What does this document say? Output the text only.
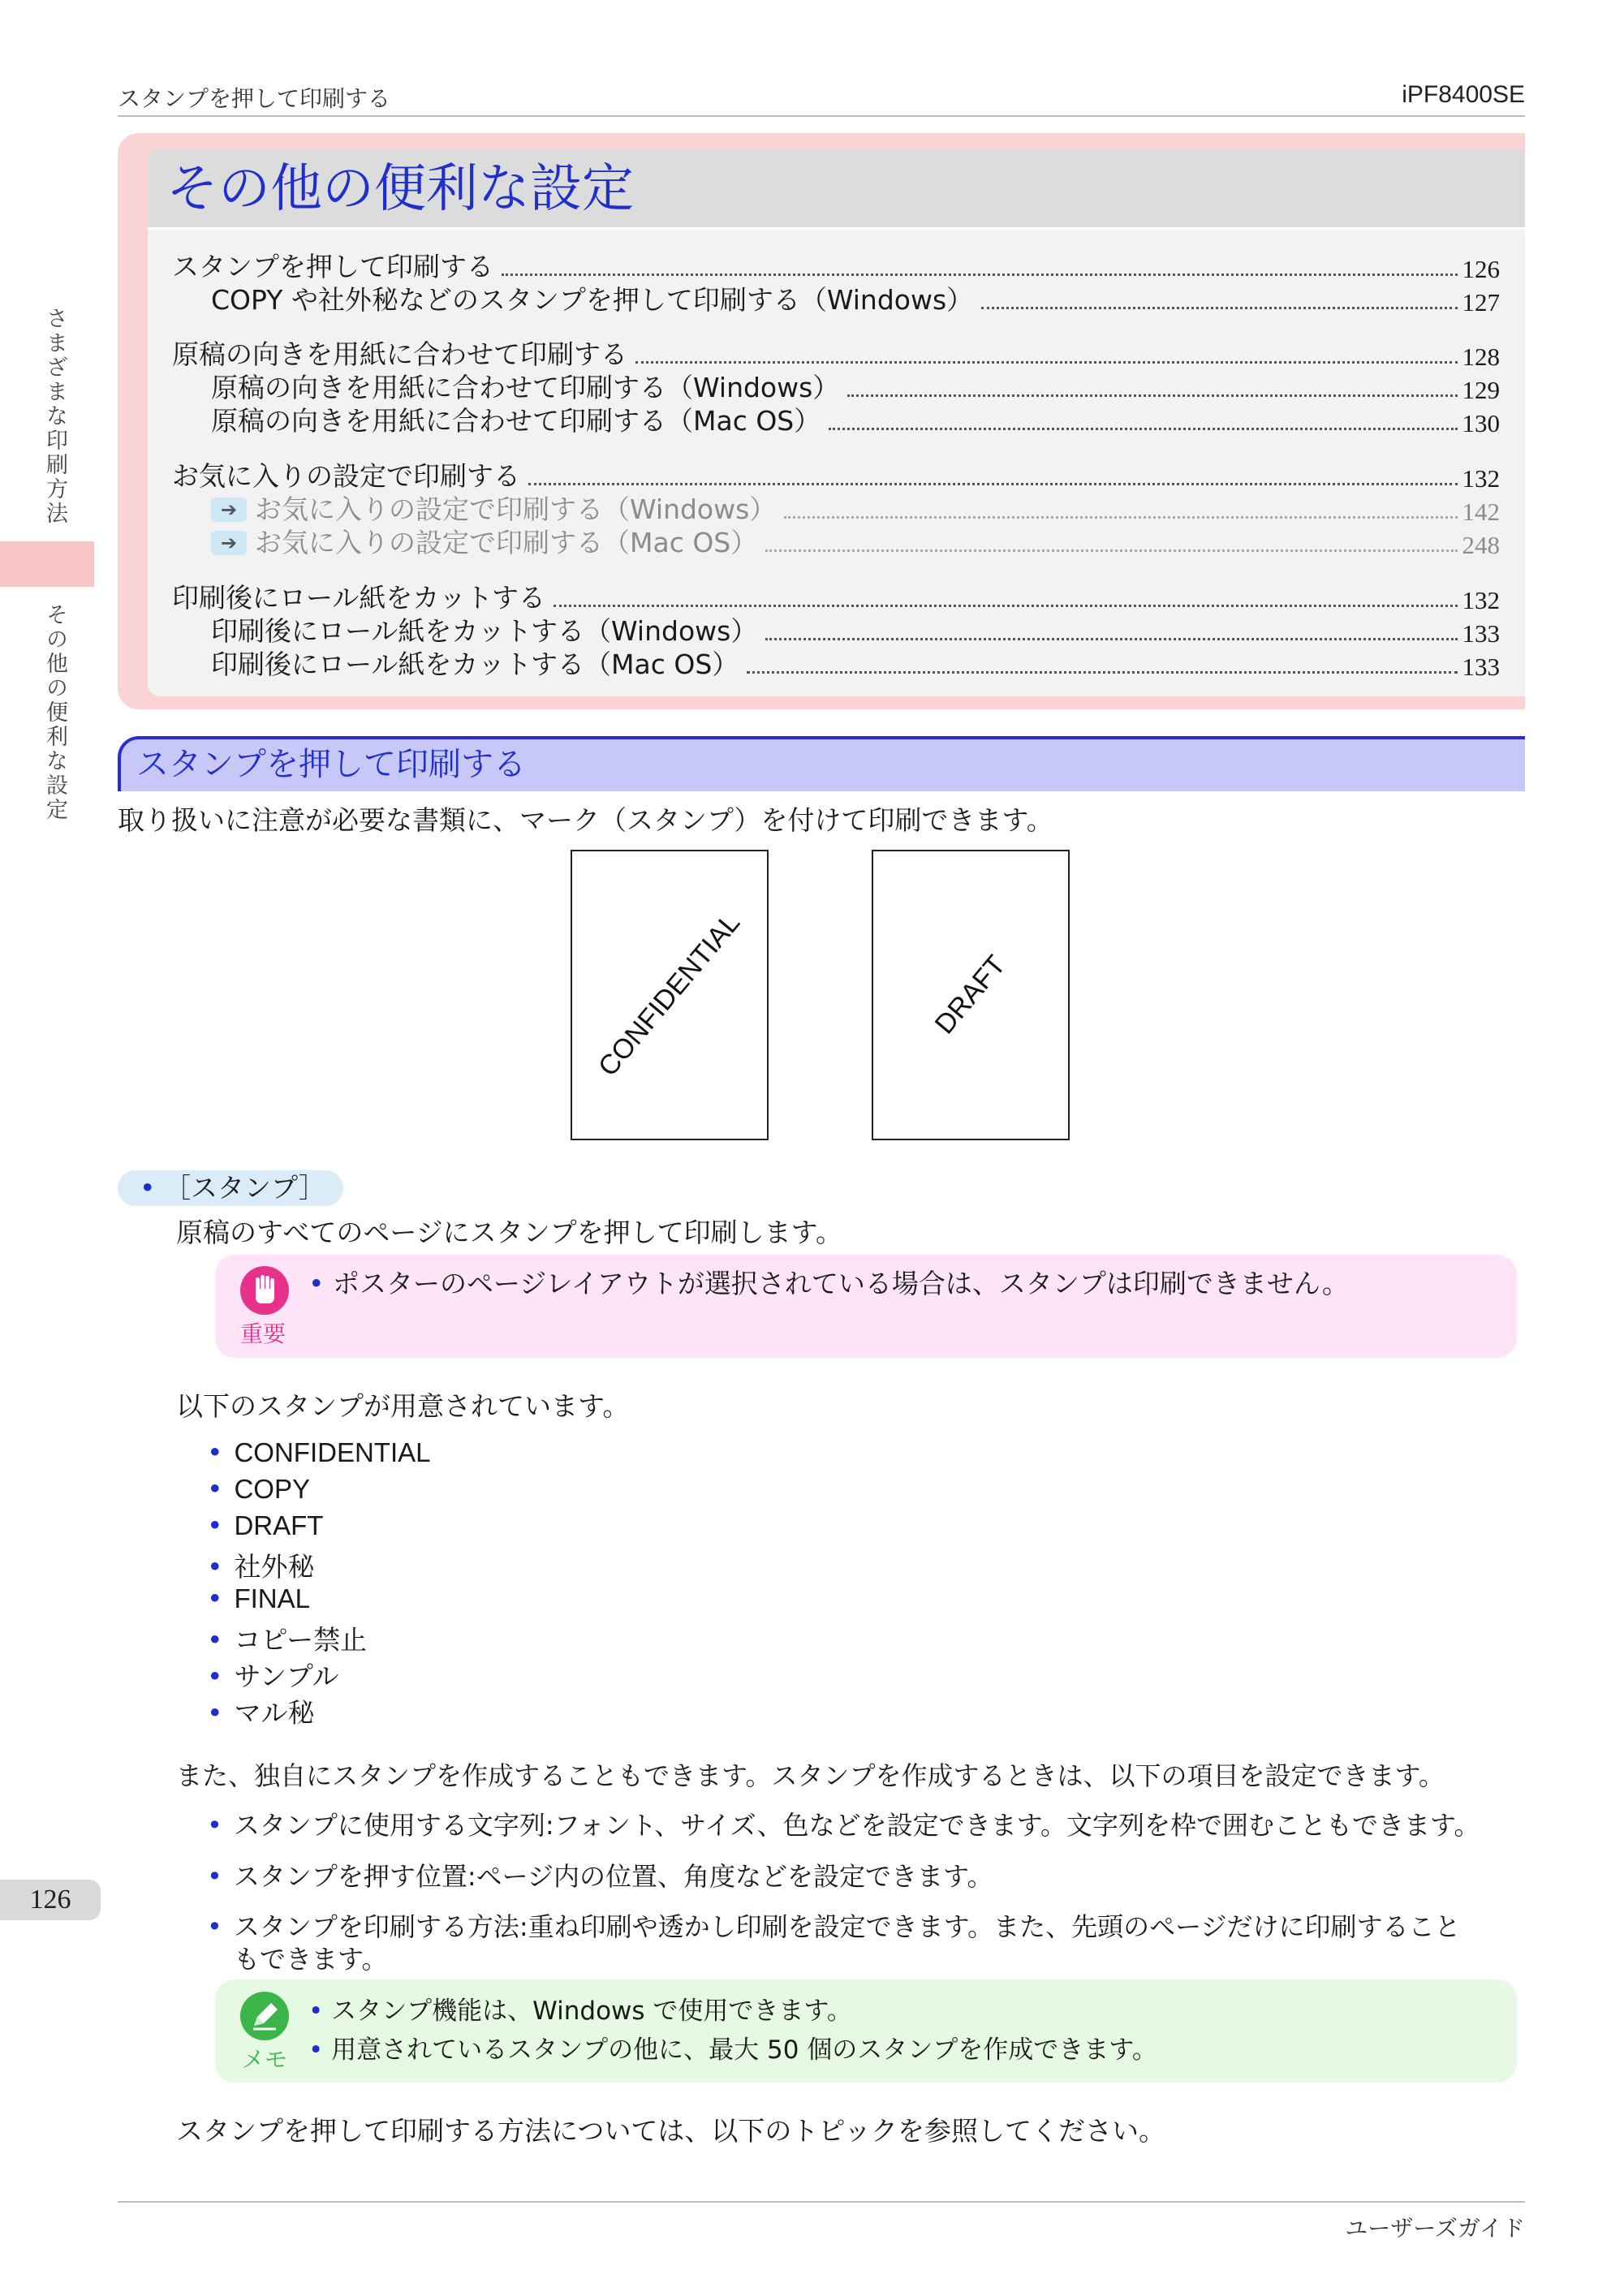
スタンプを押して印刷する	iPF8400SE
さまざまな印刷方法
その他の便利な設定
126
その他の便利な設定
スタンプを押して印刷する	126
COPY や社外秘などのスタンプを押して印刷する（Windows）	127
原稿の向きを用紙に合わせて印刷する	128
原稿の向きを用紙に合わせて印刷する（Windows）	129
原稿の向きを用紙に合わせて印刷する（Mac OS）	130
お気に入りの設定で印刷する	132
➔ お気に入りの設定で印刷する（Windows）	142
➔ お気に入りの設定で印刷する（Mac OS）	248
印刷後にロール紙をカットする	132
印刷後にロール紙をカットする（Windows）	133
印刷後にロール紙をカットする（Mac OS）	133
スタンプを押して印刷する
取り扱いに注意が必要な書類に、マーク（スタンプ）を付けて印刷できます。
CONFIDENTIAL	DRAFT
• ［スタンプ］
原稿のすべてのページにスタンプを押して印刷します。
重要
• ポスターのページレイアウトが選択されている場合は、スタンプは印刷できません。
以下のスタンプが用意されています。
• CONFIDENTIAL
• COPY
• DRAFT
• 社外秘
• FINAL
• コピー禁止
• サンプル
• マル秘
また、独自にスタンプを作成することもできます。スタンプを作成するときは、以下の項目を設定できます。
• スタンプに使用する文字列:フォント、サイズ、色などを設定できます。文字列を枠で囲むこともできます。
• スタンプを押す位置:ページ内の位置、角度などを設定できます。
• スタンプを印刷する方法:重ね印刷や透かし印刷を設定できます。また、先頭のページだけに印刷すること
もできます。
メモ
• スタンプ機能は、Windows で使用できます。
• 用意されているスタンプの他に、最大 50 個のスタンプを作成できます。
スタンプを押して印刷する方法については、以下のトピックを参照してください。
ユーザーズガイド
